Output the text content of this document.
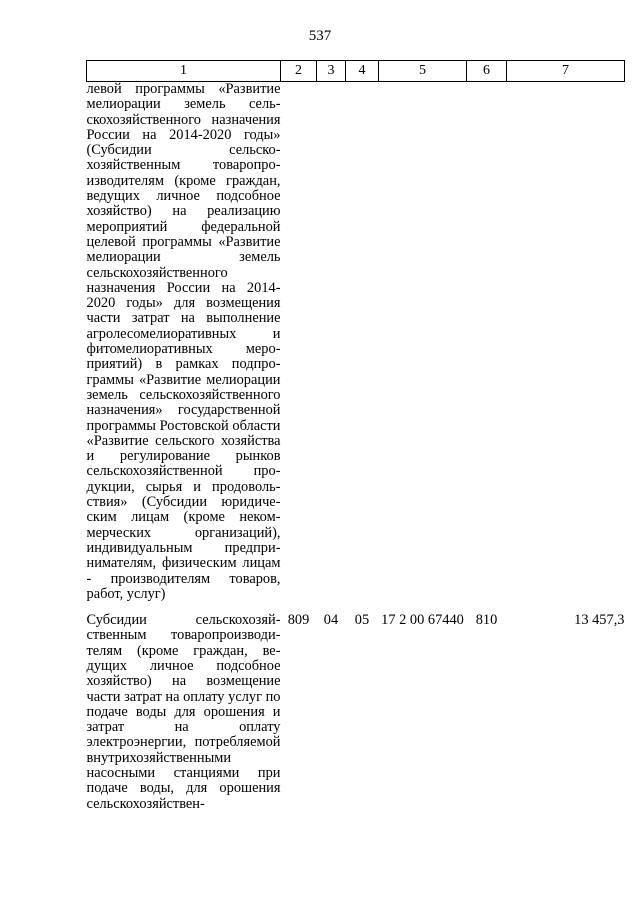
537
1	2	3	4	5	6	7
левой программы «Развитие мелиорации земель сельскохозяйственного назначения России на 2014-2020 годы» (Субсидии сельскохозяйственным товаропроизводителям (кроме граждан, ведущих личное подсобное хозяйство) на реализацию мероприятий федеральной целевой программы «Развитие мелиорации земель сельскохозяйственного назначения России на 2014-2020 годы» для возмещения части затрат на выполнение агролесомелиоративных и фитомелиоративных мероприятий) в рамках подпрограммы «Развитие мелиорации земель сельскохозяйственного назначения» государственной программы Ростовской области «Развитие сельского хозяйства и регулирование рынков сельскохозяйственной продукции, сырья и продовольствия» (Субсидии юридическим лицам (кроме некоммерческих организаций), индивидуальным предпринимателям, физическим лицам - производителям товаров, работ, услуг)						
Субсидии сельскохозяйственным товаропроизводителям (кроме граждан, ведущих личное подсобное хозяйство) на возмещение части затрат на оплату услуг по подаче воды для орошения и затрат на оплату электроэнергии, потребляемой внутрихозяйственными насосными станциями при подаче воды, для орошения сельскохозяйствен-	809	04	05	17 2 00 67440	810	13 457,3
